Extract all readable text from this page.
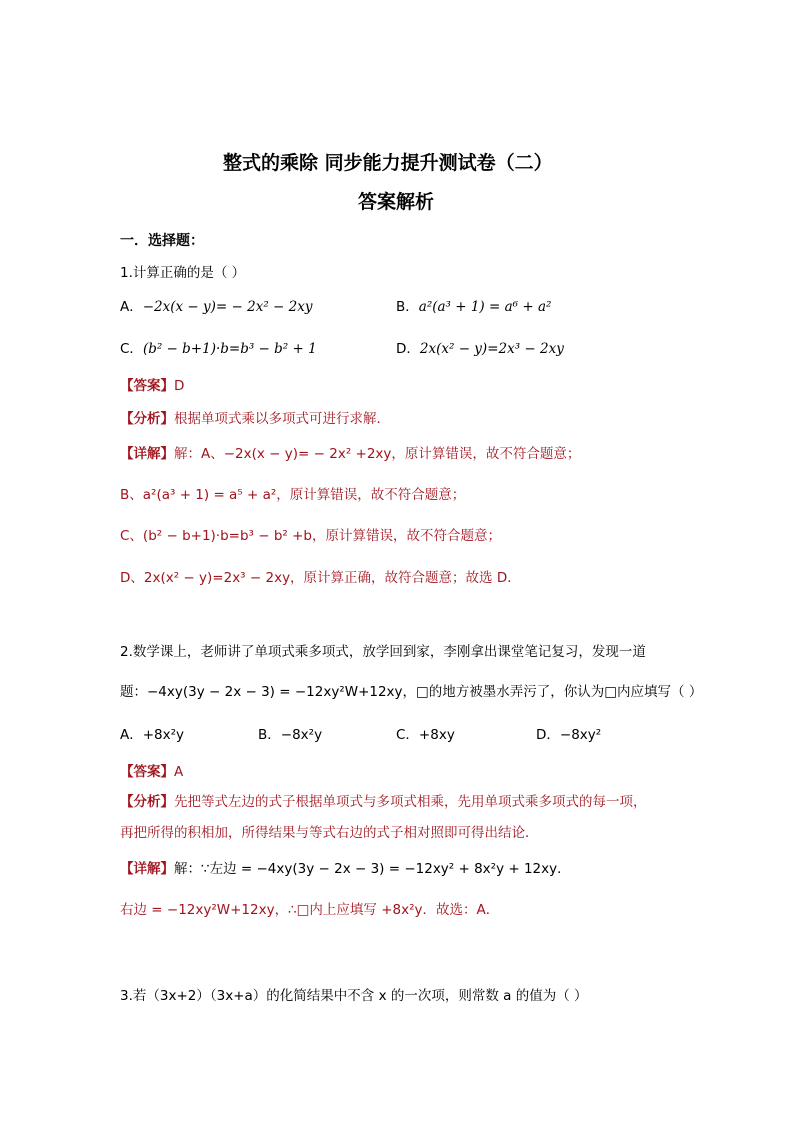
整式的乘除 同步能力提升测试卷（二）
答案解析
一．选择题：
1.计算正确的是（ ）
A．−2x(x − y)= − 2x² − 2xy	B．a²(a³ + 1) = a⁶ + a²
C．(b² − b+1)·b=b³ − b² + 1	D．2x(x² − y)=2x³ − 2xy
【答案】D
【分析】根据单项式乘以多项式可进行求解．
【详解】解：A、−2x(x − y)= − 2x² +2xy，原计算错误，故不符合题意；
B、a²(a³ + 1) = a⁵ + a²，原计算错误，故不符合题意；
C、(b² − b+1)·b=b³ − b² +b，原计算错误，故不符合题意；
D、2x(x² − y)=2x³ − 2xy，原计算正确，故符合题意；故选 D．
2.数学课上，老师讲了单项式乘多项式，放学回到家，李刚拿出课堂笔记复习，发现一道
题：−4xy(3y − 2x − 3) = −12xy²W+12xy，□的地方被墨水弄污了，你认为□内应填写（ ）
A．+8x²y	B．−8x²y	C．+8xy	D．−8xy²
【答案】A
【分析】先把等式左边的式子根据单项式与多项式相乘，先用单项式乘多项式的每一项，
再把所得的积相加，所得结果与等式右边的式子相对照即可得出结论．
【详解】解：∵左边 = −4xy(3y − 2x − 3) = −12xy² + 8x²y + 12xy．
右边 = −12xy²W+12xy，∴□内上应填写 +8x²y．故选：A．
3.若（3x+2）（3x+a）的化简结果中不含 x 的一次项，则常数 a 的值为（ ）
